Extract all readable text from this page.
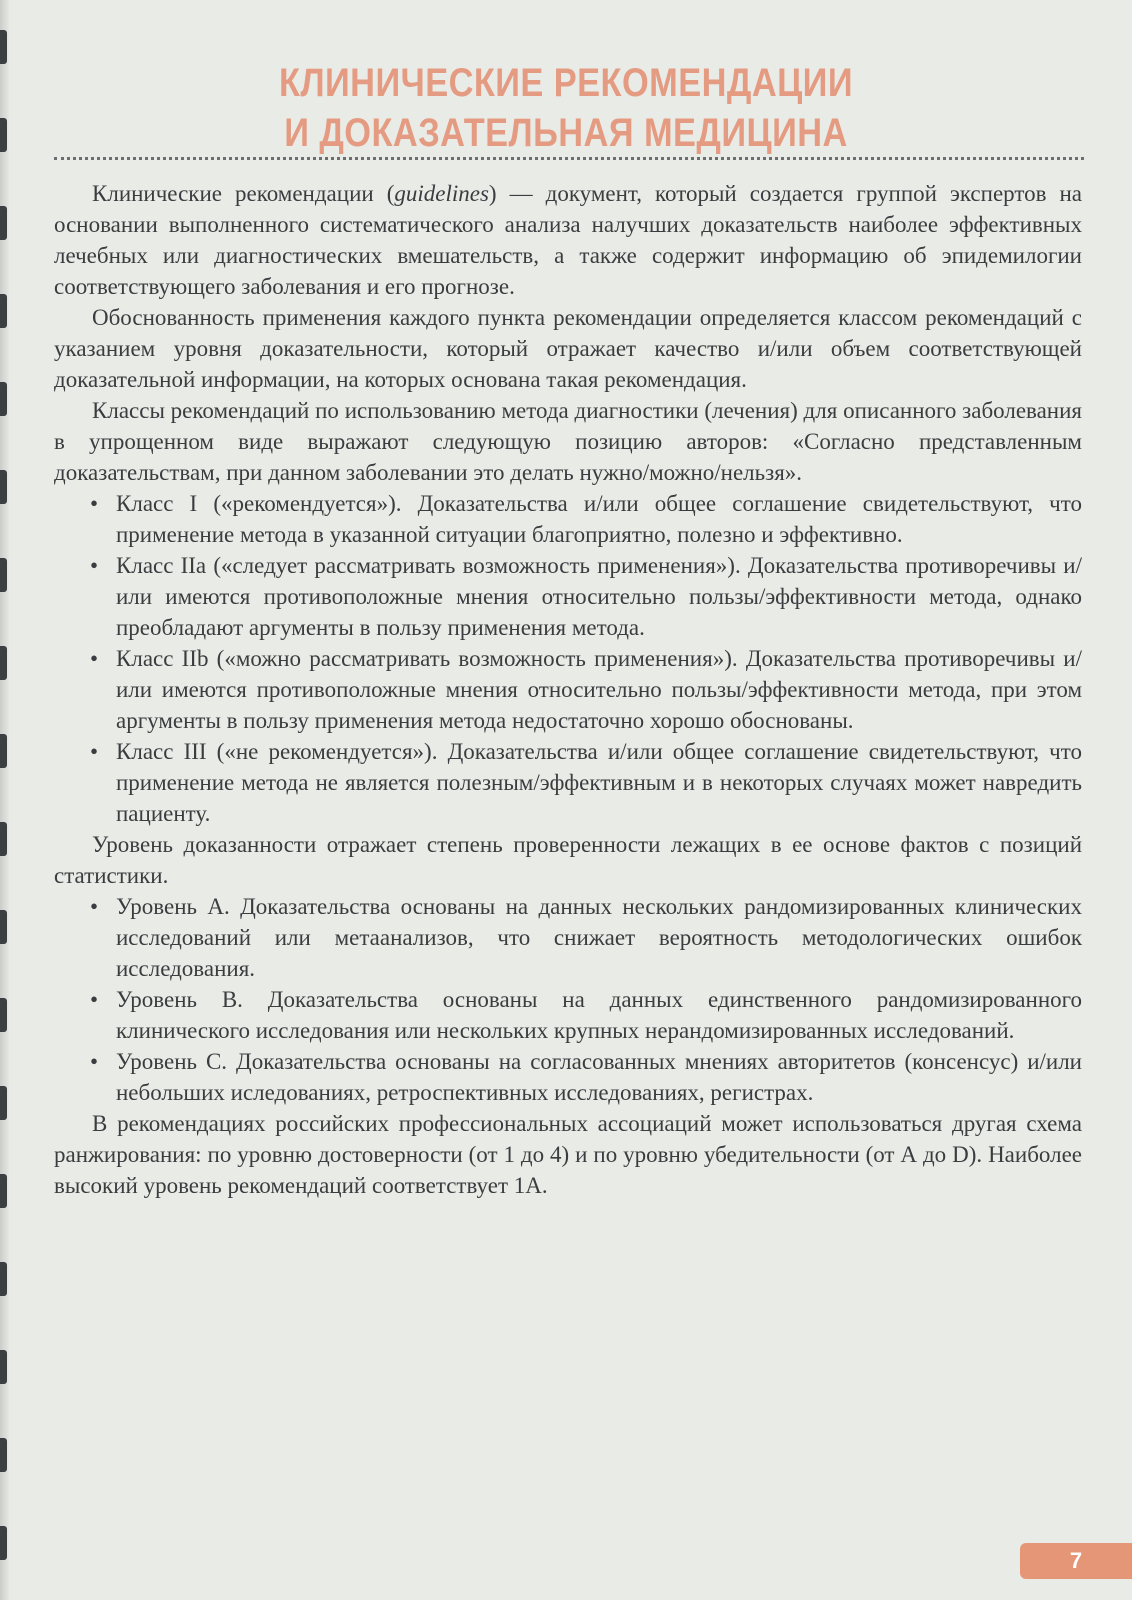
КЛИНИЧЕСКИЕ РЕКОМЕНДАЦИИ
И ДОКАЗАТЕЛЬНАЯ МЕДИЦИНА

Клинические рекомендации (guidelines) — документ, который создается группой экспертов на основании выполненного систематического анализа налучших доказательств наиболее эффективных лечебных или диагностических вмешательств, а также содержит информацию об эпидемилогии соответствующего заболевания и его прогнозе.

Обоснованность применения каждого пункта рекомендации определяется классом рекомендаций с указанием уровня доказательности, который отражает качество и/или объем соответствующей доказательной информации, на которых основана такая рекомендация.

Классы рекомендаций по использованию метода диагностики (лечения) для описанного заболевания в упрощенном виде выражают следующую позицию авторов: «Согласно представленным доказательствам, при данном заболевании это делать нужно/можно/нельзя».

• Класс I («рекомендуется»). Доказательства и/или общее соглашение свидетельствуют, что применение метода в указанной ситуации благоприятно, полезно и эффективно.
• Класс IIa («следует рассматривать возможность применения»). Доказательства противоречивы и/или имеются противоположные мнения относительно пользы/эффективности метода, однако преобладают аргументы в пользу применения метода.
• Класс IIb («можно рассматривать возможность применения»). Доказательства противоречивы и/или имеются противоположные мнения относительно пользы/эффективности метода, при этом аргументы в пользу применения метода недостаточно хорошо обоснованы.
• Класс III («не рекомендуется»). Доказательства и/или общее соглашение свидетельствуют, что применение метода не является полезным/эффективным и в некоторых случаях может навредить пациенту.

Уровень доказанности отражает степень проверенности лежащих в ее основе фактов с позиций статистики.

• Уровень А. Доказательства основаны на данных нескольких рандомизированных клинических исследований или метаанализов, что снижает вероятность методологических ошибок исследования.
• Уровень В. Доказательства основаны на данных единственного рандомизированного клинического исследования или нескольких крупных нерандомизированных исследований.
• Уровень С. Доказательства основаны на согласованных мнениях авторитетов (консенсус) и/или небольших иследованиях, ретроспективных исследованиях, регистрах.

В рекомендациях российских профессиональных ассоциаций может использоваться другая схема ранжирования: по уровню достоверности (от 1 до 4) и по уровню убедительности (от А до D). Наиболее высокий уровень рекомендаций соответствует 1А.

7
